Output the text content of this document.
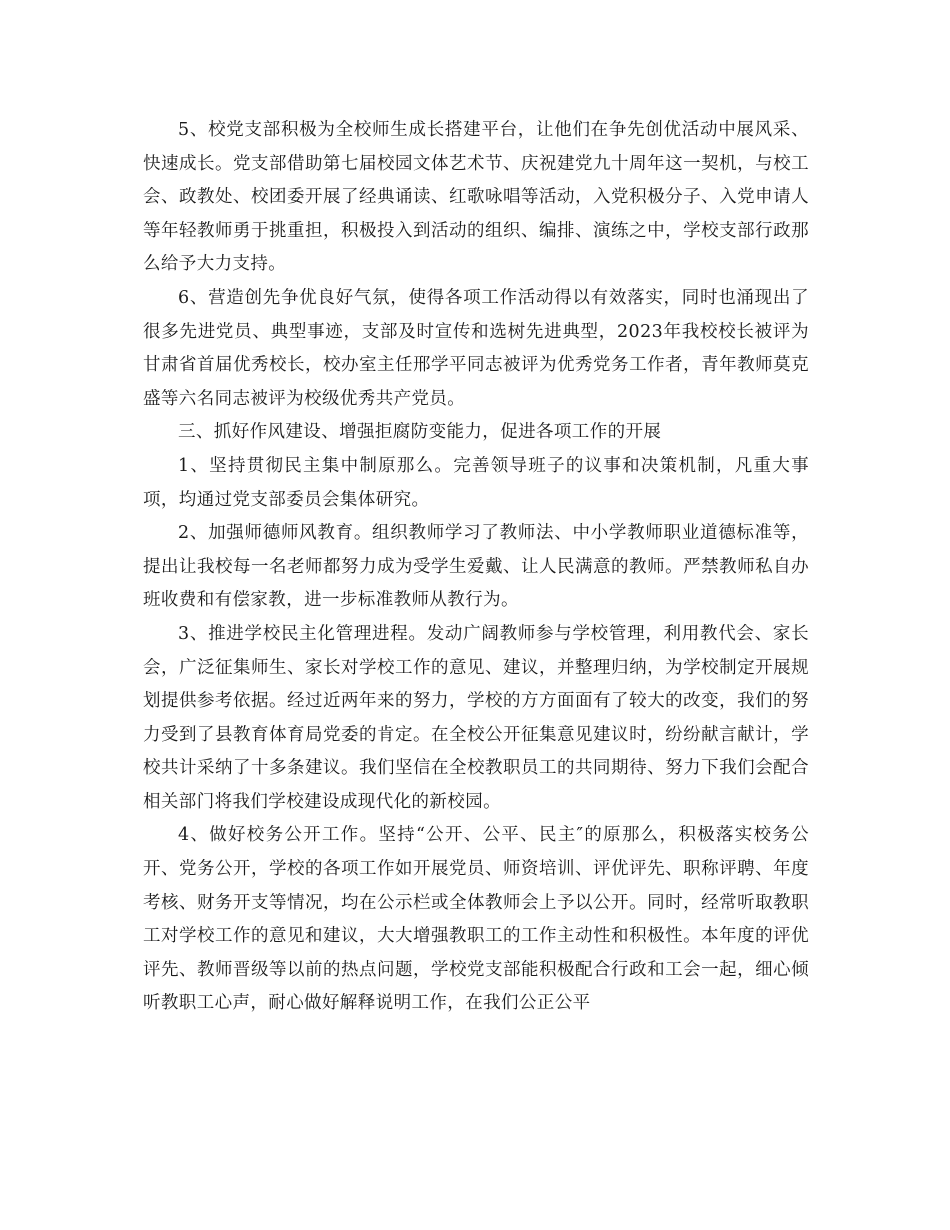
5、校党支部积极为全校师生成长搭建平台，让他们在争先创优活动中展风采、快速成长。党支部借助第七届校园文体艺术节、庆祝建党九十周年这一契机，与校工会、政教处、校团委开展了经典诵读、红歌咏唱等活动，入党积极分子、入党申请人等年轻教师勇于挑重担，积极投入到活动的组织、编排、演练之中，学校支部行政那么给予大力支持。

6、营造创先争优良好气氛，使得各项工作活动得以有效落实，同时也涌现出了很多先进党员、典型事迹，支部及时宣传和选树先进典型，2023年我校校长被评为甘肃省首届优秀校长，校办室主任邢学平同志被评为优秀党务工作者，青年教师莫克盛等六名同志被评为校级优秀共产党员。

三、抓好作风建设、增强拒腐防变能力，促进各项工作的开展

1、坚持贯彻民主集中制原那么。完善领导班子的议事和决策机制，凡重大事项，均通过党支部委员会集体研究。

2、加强师德师风教育。组织教师学习了教师法、中小学教师职业道德标准等，提出让我校每一名老师都努力成为受学生爱戴、让人民满意的教师。严禁教师私自办班收费和有偿家教，进一步标准教师从教行为。

3、推进学校民主化管理进程。发动广阔教师参与学校管理，利用教代会、家长会，广泛征集师生、家长对学校工作的意见、建议，并整理归纳，为学校制定开展规划提供参考依据。经过近两年来的努力，学校的方方面面有了较大的改变，我们的努力受到了县教育体育局党委的肯定。在全校公开征集意见建议时，纷纷献言献计，学校共计采纳了十多条建议。我们坚信在全校教职员工的共同期待、努力下我们会配合相关部门将我们学校建设成现代化的新校园。

4、做好校务公开工作。坚持“公开、公平、民主″的原那么，积极落实校务公开、党务公开，学校的各项工作如开展党员、师资培训、评优评先、职称评聘、年度考核、财务开支等情况，均在公示栏或全体教师会上予以公开。同时，经常听取教职工对学校工作的意见和建议，大大增强教职工的工作主动性和积极性。本年度的评优评先、教师晋级等以前的热点问题，学校党支部能积极配合行政和工会一起，细心倾听教职工心声，耐心做好解释说明工作，在我们公正公平
